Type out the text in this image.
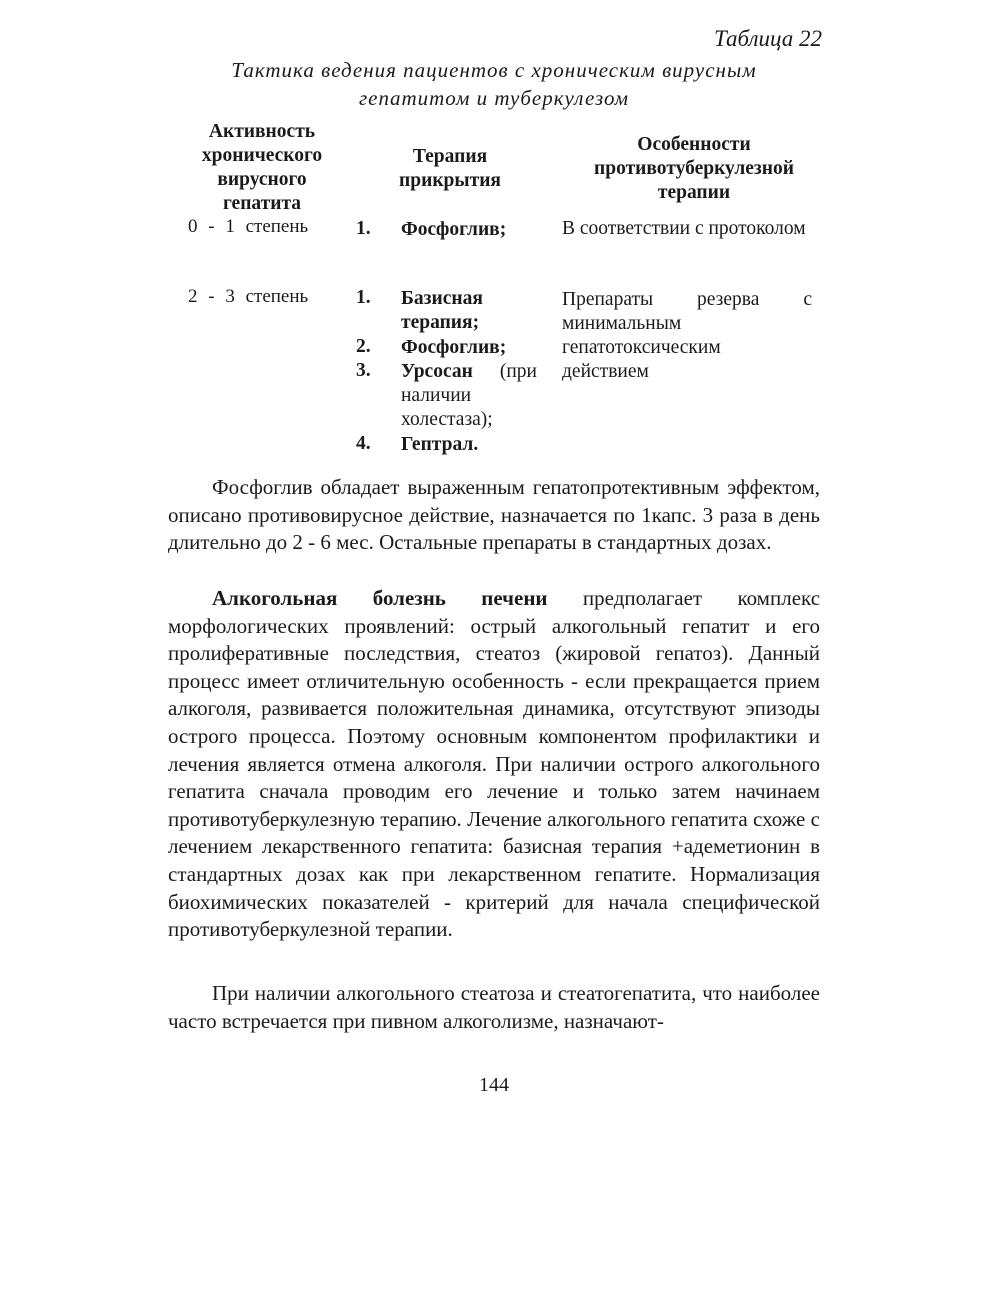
Таблица 22
Тактика ведения пациентов с хроническим вирусным
гепатитом и туберкулезом
Активность
хронического
вирусного
гепатита
Терапия
прикрытия
Особенности
противотуберкулезной
терапии
0 - 1 степень 1. Фосфоглив;	В соответствии с протоколом
2 - 3 степень 1. Базисная терапия;
2. Фосфоглив;
3. Урсосан (при наличии холестаза);
4. Гептрал.
Препараты резерва с минимальным гепатотоксическим действием
Фосфоглив обладает выраженным гепатопротективным эффектом, описано противовирусное действие, назначается по 1капс. 3 раза в день длительно до 2 - 6 мес. Остальные препараты в стандартных дозах.
Алкогольная болезнь печени предполагает комплекс морфологических проявлений: острый алкогольный гепатит и его пролиферативные последствия, стеатоз (жировой гепатоз). Данный процесс имеет отличительную особенность - если прекращается прием алкоголя, развивается положительная динамика, отсутствуют эпизоды острого процесса. Поэтому основным компонентом профилактики и лечения является отмена алкоголя. При наличии острого алкогольного гепатита сначала проводим его лечение и только затем начинаем противотуберкулезную терапию. Лечение алкогольного гепатита схоже с лечением лекарственного гепатита: базисная терапия +адеметионин в стандартных дозах как при лекарственном гепатите. Нормализация биохимических показателей - критерий для начала специфической противотуберкулезной терапии.
При наличии алкогольного стеатоза и стеатогепатита, что наиболее часто встречается при пивном алкоголизме, назначают-
144
